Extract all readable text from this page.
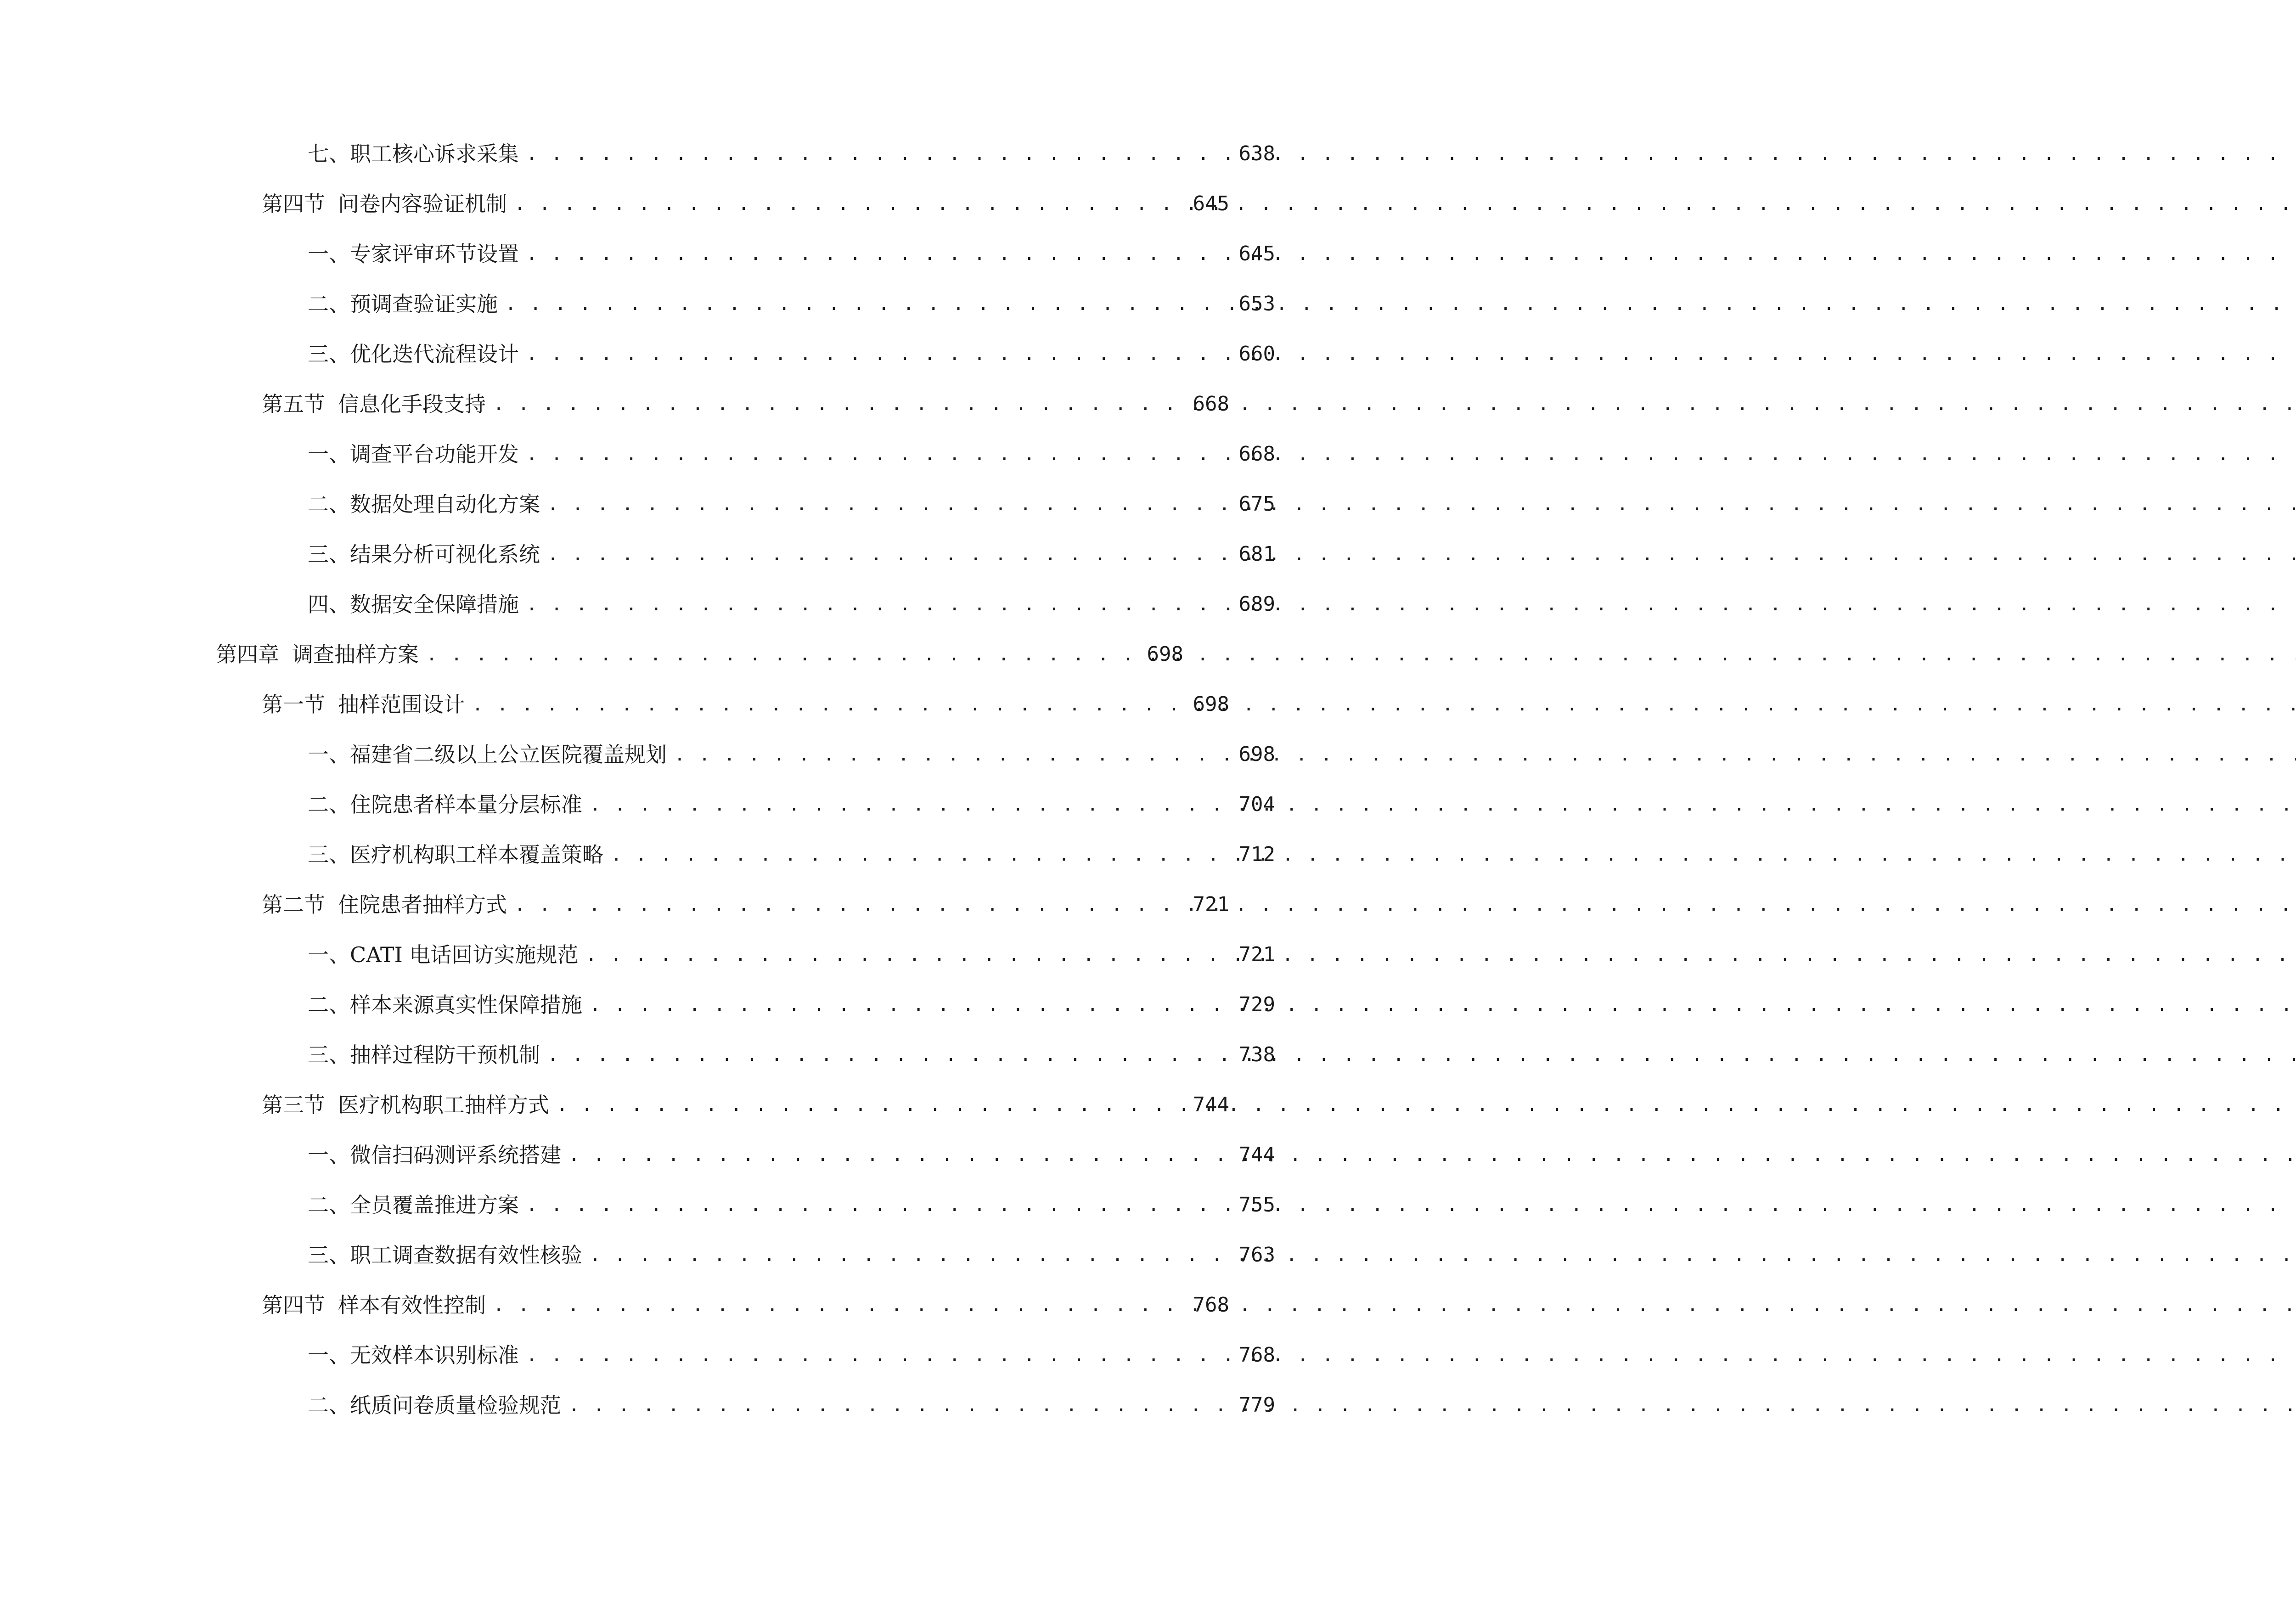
七、 职工核心诉求采集 . . .	638
第四节 问卷内容验证机制 . . .	645
一、 专家评审环节设置 . . .	645
二、 预调查验证实施 . . .	653
三、 优化迭代流程设计 . . .	660
第五节 信息化手段支持 . . .	668
一、 调查平台功能开发 . . .	668
二、 数据处理自动化方案 . . .	675
三、 结果分析可视化系统 . . .	681
四、 数据安全保障措施 . . .	689
第四章 调查抽样方案 . . .	698
第一节 抽样范围设计 . . .	698
一、 福建省二级以上公立医院覆盖规划 . . .	698
二、 住院患者样本量分层标准 . . .	704
三、 医疗机构职工样本覆盖策略 . . .	712
第二节 住院患者抽样方式 . . .	721
一、 CATI 电话回访实施规范 . . .	721
二、 样本来源真实性保障措施 . . .	729
三、 抽样过程防干预机制 . . .	738
第三节 医疗机构职工抽样方式 . . .	744
一、 微信扫码测评系统搭建 . . .	744
二、 全员覆盖推进方案 . . .	755
三、 职工调查数据有效性核验 . . .	763
第四节 样本有效性控制 . . .	768
一、 无效样本识别标准 . . .	768
二、 纸质问卷质量检验规范 . . .	779
